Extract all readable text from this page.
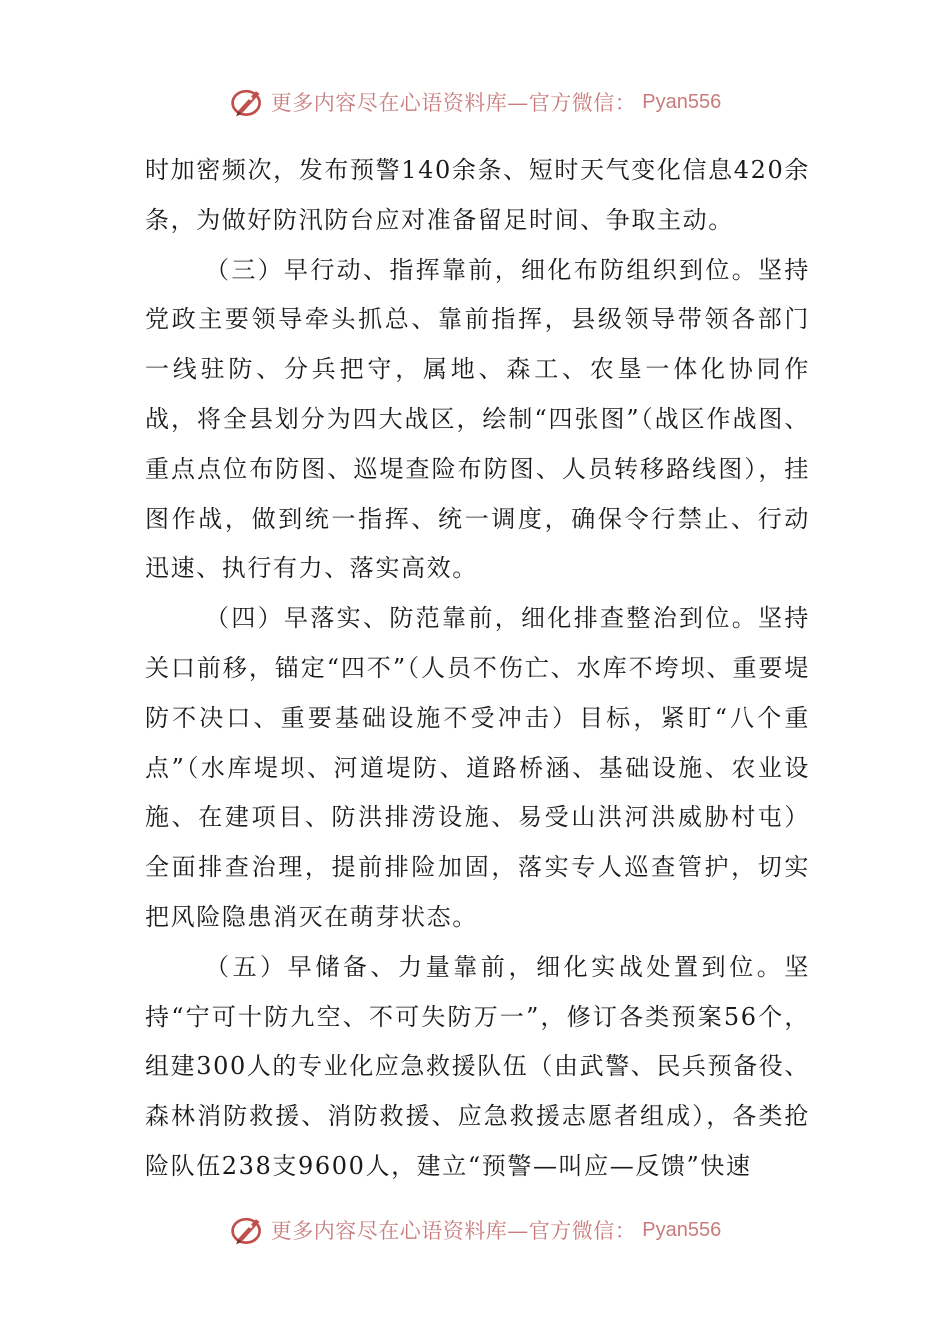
更多内容尽在心语资料库—官方微信： Pyan556

时加密频次，发布预警140余条、短时天气变化信息420余条，为做好防汛防台应对准备留足时间、争取主动。

（三）早行动、指挥靠前，细化布防组织到位。坚持党政主要领导牵头抓总、靠前指挥，县级领导带领各部门一线驻防、分兵把守，属地、森工、农垦一体化协同作战，将全县划分为四大战区，绘制“四张图”（战区作战图、重点点位布防图、巡堤查险布防图、人员转移路线图），挂图作战，做到统一指挥、统一调度，确保令行禁止、行动迅速、执行有力、落实高效。

（四）早落实、防范靠前，细化排查整治到位。坚持关口前移，锚定“四不”（人员不伤亡、水库不垮坝、重要堤防不决口、重要基础设施不受冲击）目标，紧盯“八个重点”（水库堤坝、河道堤防、道路桥涵、基础设施、农业设施、在建项目、防洪排涝设施、易受山洪河洪威胁村屯）全面排查治理，提前排险加固，落实专人巡查管护，切实把风险隐患消灭在萌芽状态。

（五）早储备、力量靠前，细化实战处置到位。坚持“宁可十防九空、不可失防万一”，修订各类预案56个，组建300人的专业化应急救援队伍（由武警、民兵预备役、森林消防救援、消防救援、应急救援志愿者组成），各类抢险队伍238支9600人，建立“预警—叫应—反馈”快速

更多内容尽在心语资料库—官方微信： Pyan556
